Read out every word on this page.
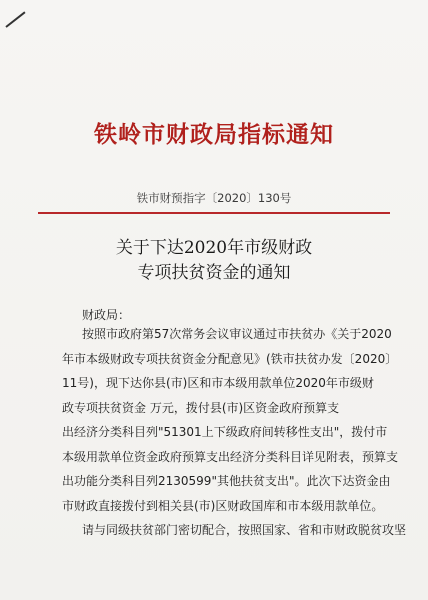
铁岭市财政局指标通知
铁市财预指字〔2020〕130号
关于下达2020年市级财政
专项扶贫资金的通知
财政局：
按照市政府第57次常务会议审议通过市扶贫办《关于2020
年市本级财政专项扶贫资金分配意见》(铁市扶贫办发〔2020〕
11号)，现下达你县(市)区和市本级用款单位2020年市级财
政专项扶贫资金 万元，拨付县(市)区资金政府预算支
出经济分类科目列"51301上下级政府间转移性支出"，拨付市
本级用款单位资金政府预算支出经济分类科目详见附表，预算支
出功能分类科目列2130599"其他扶贫支出"。此次下达资金由
市财政直接拨付到相关县(市)区财政国库和市本级用款单位。
请与同级扶贫部门密切配合，按照国家、省和市财政脱贫攻坚
